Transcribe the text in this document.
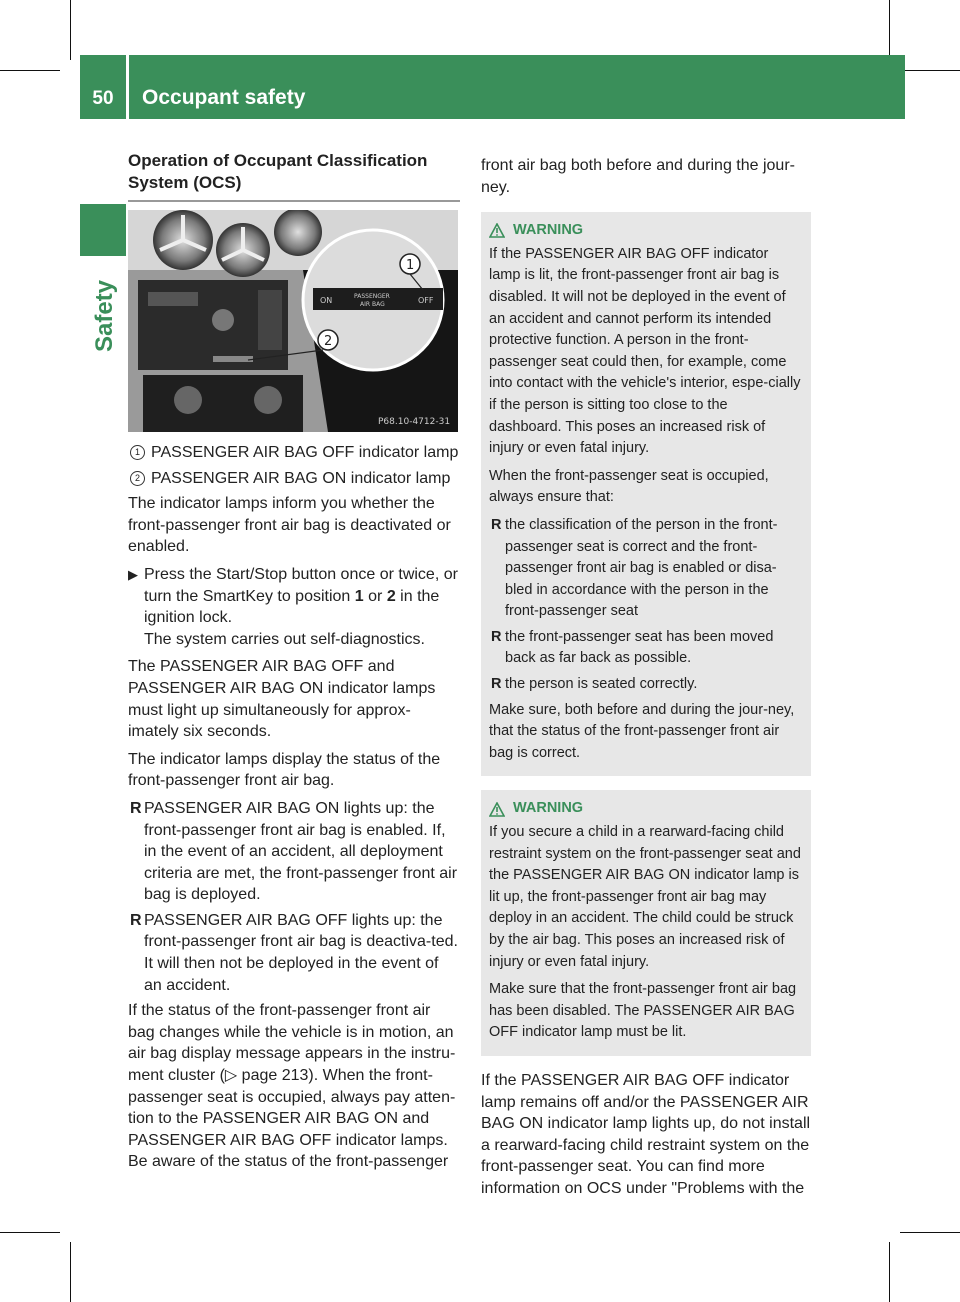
50	Occupant safety
Safety
Operation of Occupant Classification System (OCS)
ON	PASSENGER
AIR BAG	OFF
1
2
P68.10-4712-31
1 PASSENGER AIR BAG OFF indicator lamp
2 PASSENGER AIR BAG ON indicator lamp

The indicator lamps inform you whether the front-passenger front air bag is deactivated or enabled.

▶ Press the Start/Stop button once or twice, or turn the SmartKey to position 1 or 2 in the ignition lock.
The system carries out self-diagnostics.

The PASSENGER AIR BAG OFF and PASSENGER AIR BAG ON indicator lamps must light up simultaneously for approx-imately six seconds.

The indicator lamps display the status of the front-passenger front air bag.

R PASSENGER AIR BAG ON lights up: the front-passenger front air bag is enabled. If, in the event of an accident, all deployment criteria are met, the front-passenger front air bag is deployed.
R PASSENGER AIR BAG OFF lights up: the front-passenger front air bag is deactiva-ted. It will then not be deployed in the event of an accident.

If the status of the front-passenger front air bag changes while the vehicle is in motion, an air bag display message appears in the instru-ment cluster (▷ page 213). When the front-passenger seat is occupied, always pay atten-tion to the PASSENGER AIR BAG ON and PASSENGER AIR BAG OFF indicator lamps. Be aware of the status of the front-passenger

front air bag both before and during the jour-ney.

WARNING

If the PASSENGER AIR BAG OFF indicator lamp is lit, the front-passenger front air bag is disabled. It will not be deployed in the event of an accident and cannot perform its intended protective function. A person in the front-passenger seat could then, for example, come into contact with the vehicle's interior, espe-cially if the person is sitting too close to the dashboard. This poses an increased risk of injury or even fatal injury.

When the front-passenger seat is occupied, always ensure that:

R the classification of the person in the front-passenger seat is correct and the front-passenger front air bag is enabled or disa-bled in accordance with the person in the front-passenger seat
R the front-passenger seat has been moved back as far back as possible.
R the person is seated correctly.

Make sure, both before and during the jour-ney, that the status of the front-passenger front air bag is correct.

WARNING

If you secure a child in a rearward-facing child restraint system on the front-passenger seat and the PASSENGER AIR BAG ON indicator lamp is lit up, the front-passenger front air bag may deploy in an accident. The child could be struck by the air bag. This poses an increased risk of injury or even fatal injury.

Make sure that the front-passenger front air bag has been disabled. The PASSENGER AIR BAG OFF indicator lamp must be lit.

If the PASSENGER AIR BAG OFF indicator lamp remains off and/or the PASSENGER AIR BAG ON indicator lamp lights up, do not install a rearward-facing child restraint system on the front-passenger seat. You can find more information on OCS under "Problems with the
